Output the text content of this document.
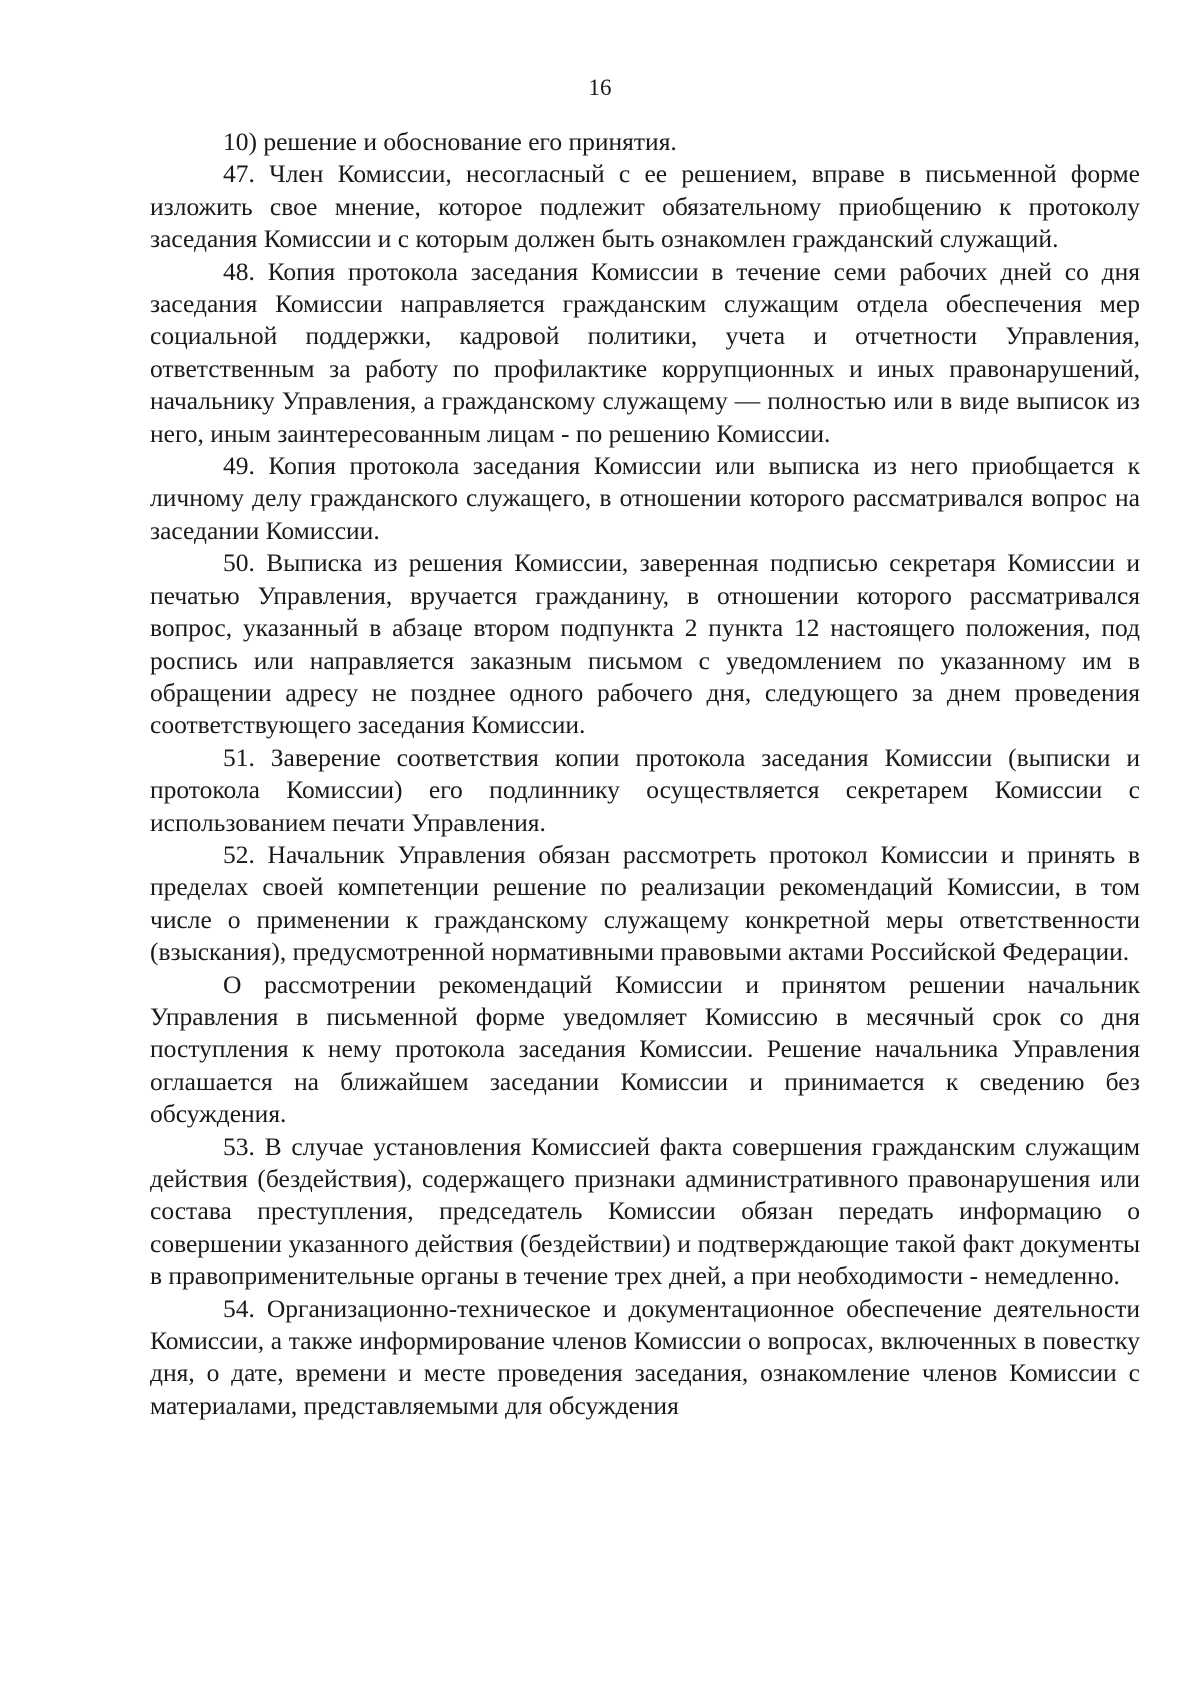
16

10) решение и обоснование его принятия.

47. Член Комиссии, несогласный с ее решением, вправе в письменной форме изложить свое мнение, которое подлежит обязательному приобщению к протоколу заседания Комиссии и с которым должен быть ознакомлен гражданский служащий.

48. Копия протокола заседания Комиссии в течение семи рабочих дней со дня заседания Комиссии направляется гражданским служащим отдела обеспечения мер социальной поддержки, кадровой политики, учета и отчетности Управления, ответственным за работу по профилактике коррупционных и иных правонарушений, начальнику Управления, а гражданскому служащему — полностью или в виде выписок из него, иным заинтересованным лицам - по решению Комиссии.

49. Копия протокола заседания Комиссии или выписка из него приобщается к личному делу гражданского служащего, в отношении которого рассматривался вопрос на заседании Комиссии.

50. Выписка из решения Комиссии, заверенная подписью секретаря Комиссии и печатью Управления, вручается гражданину, в отношении которого рассматривался вопрос, указанный в абзаце втором подпункта 2 пункта 12 настоящего положения, под роспись или направляется заказным письмом с уведомлением по указанному им в обращении адресу не позднее одного рабочего дня, следующего за днем проведения соответствующего заседания Комиссии.

51. Заверение соответствия копии протокола заседания Комиссии (выписки и протокола Комиссии) его подлиннику осуществляется секретарем Комиссии с использованием печати Управления.

52. Начальник Управления обязан рассмотреть протокол Комиссии и принять в пределах своей компетенции решение по реализации рекомендаций Комиссии, в том числе о применении к гражданскому служащему конкретной меры ответственности (взыскания), предусмотренной нормативными правовыми актами Российской Федерации.

О рассмотрении рекомендаций Комиссии и принятом решении начальник Управления в письменной форме уведомляет Комиссию в месячный срок со дня поступления к нему протокола заседания Комиссии. Решение начальника Управления оглашается на ближайшем заседании Комиссии и принимается к сведению без обсуждения.

53. В случае установления Комиссией факта совершения гражданским служащим действия (бездействия), содержащего признаки административного правонарушения или состава преступления, председатель Комиссии обязан передать информацию о совершении указанного действия (бездействии) и подтверждающие такой факт документы в правоприменительные органы в течение трех дней, а при необходимости - немедленно.

54. Организационно-техническое и документационное обеспечение деятельности Комиссии, а также информирование членов Комиссии о вопросах, включенных в повестку дня, о дате, времени и месте проведения заседания, ознакомление членов Комиссии с материалами, представляемыми для обсуждения
